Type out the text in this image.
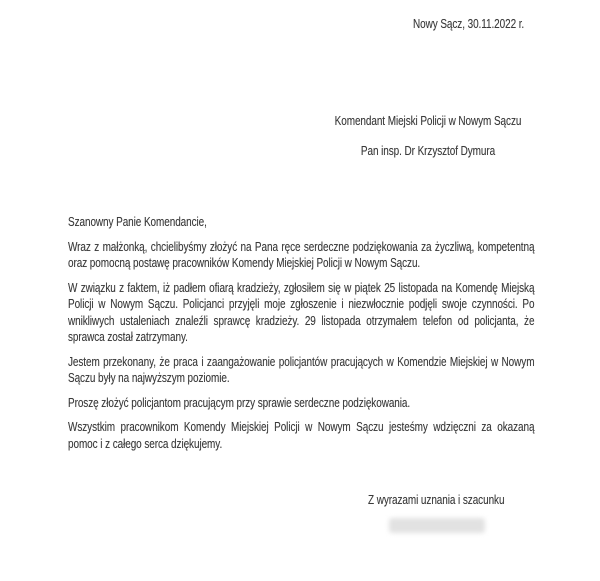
Nowy Sącz, 30.11.2022 r.
Komendant Miejski Policji w Nowym Sączu
Pan insp. Dr Krzysztof Dymura
Szanowny Panie Komendancie,

Wraz z małżonką, chcielibyśmy złożyć na Pana ręce serdeczne podziękowania za życzliwą, kompetentną oraz pomocną postawę pracowników Komendy Miejskiej Policji w Nowym Sączu.

W związku z faktem, iż padłem ofiarą kradzieży, zgłosiłem się w piątek 25 listopada na Komendę Miejską Policji w Nowym Sączu. Policjanci przyjęli moje zgłoszenie i niezwłocznie podjęli swoje czynności. Po wnikliwych ustaleniach znaleźli sprawcę kradzieży. 29 listopada otrzymałem telefon od policjanta, że sprawca został zatrzymany.

Jestem przekonany, że praca i zaangażowanie policjantów pracujących w Komendzie Miejskiej w Nowym Sączu były na najwyższym poziomie.

Proszę złożyć policjantom pracującym przy sprawie serdeczne podziękowania.

Wszystkim pracownikom Komendy Miejskiej Policji w Nowym Sączu jesteśmy wdzięczni za okazaną pomoc i z całego serca dziękujemy.

Z wyrazami uznania i szacunku
